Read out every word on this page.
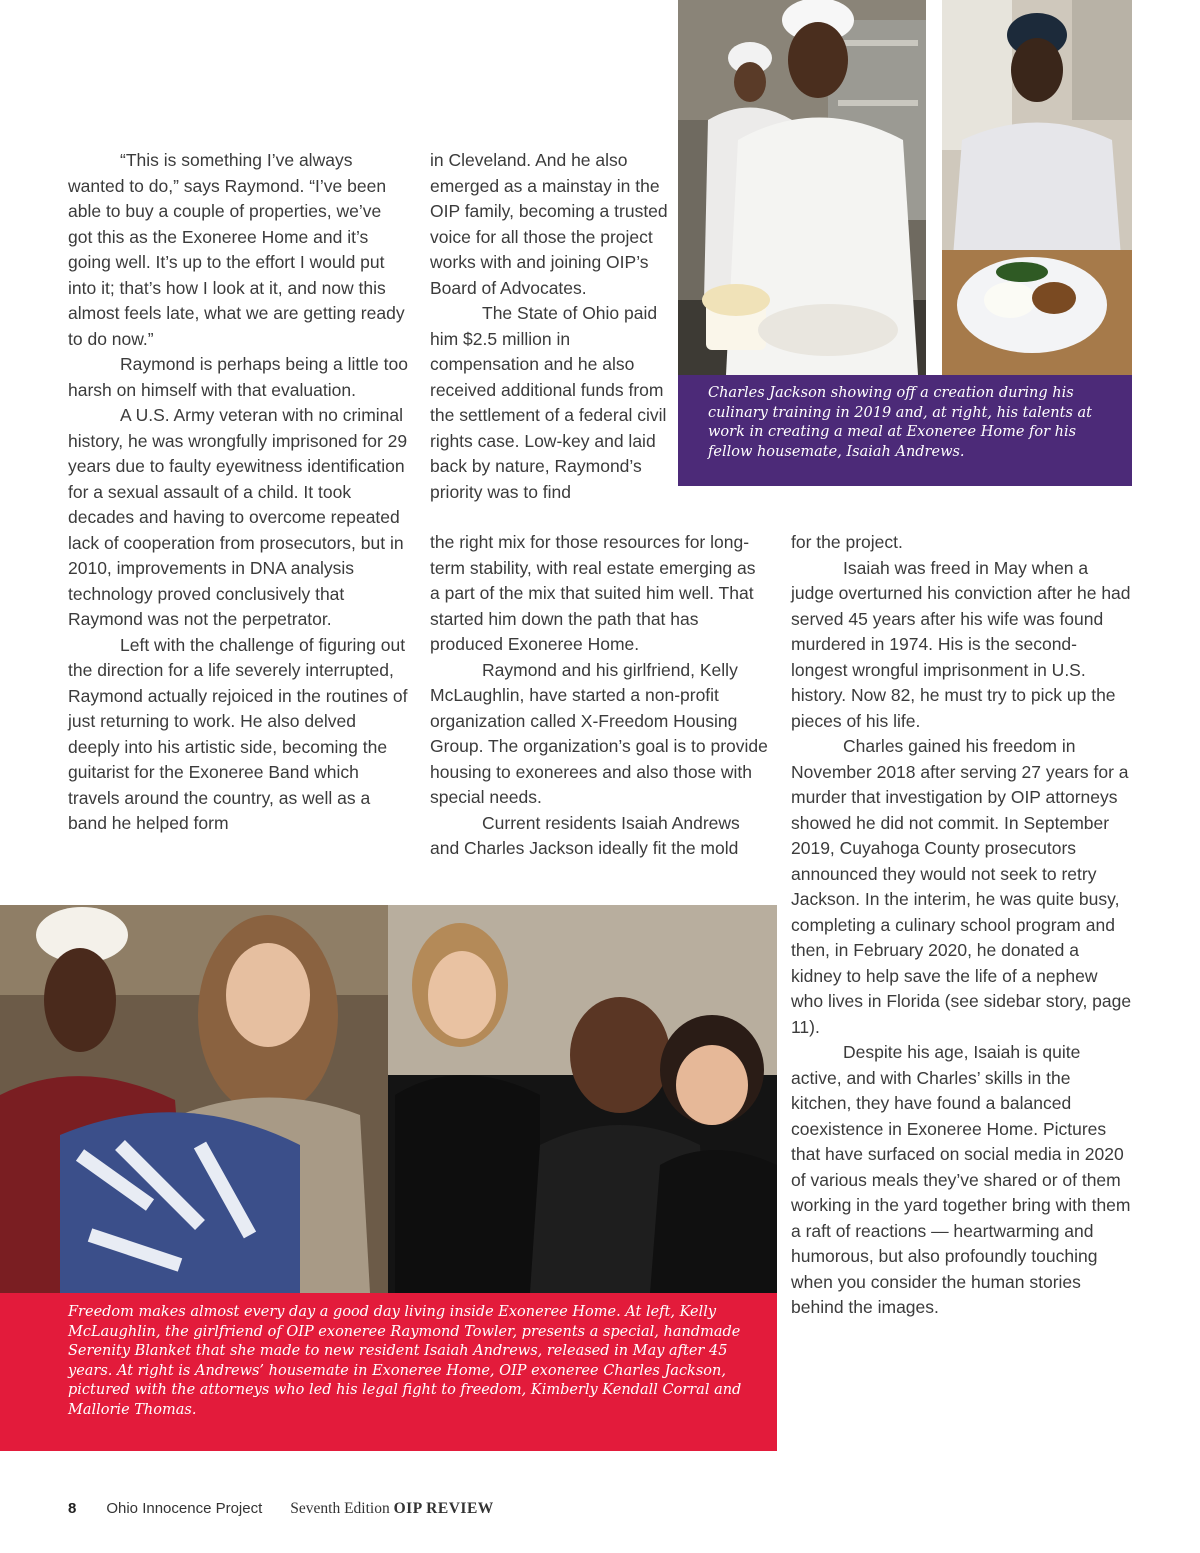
“This is something I’ve always wanted to do,” says Raymond. “I’ve been able to buy a couple of properties, we’ve got this as the Exoneree Home and it’s going well. It’s up to the effort I would put into it; that’s how I look at it, and now this almost feels late, what we are getting ready to do now.”

Raymond is perhaps being a little too harsh on himself with that evaluation.

A U.S. Army veteran with no criminal history, he was wrongfully imprisoned for 29 years due to faulty eyewitness identification for a sexual assault of a child. It took decades and having to overcome repeated lack of cooperation from prosecutors, but in 2010, improvements in DNA analysis technology proved conclusively that Raymond was not the perpetrator.

Left with the challenge of figuring out the direction for a life severely interrupted, Raymond actually rejoiced in the routines of just returning to work. He also delved deeply into his artistic side, becoming the guitarist for the Exoneree Band which travels around the country, as well as a band he helped form

in Cleveland. And he also emerged as a mainstay in the OIP family, becoming a trusted voice for all those the project works with and joining OIP’s Board of Advocates.

The State of Ohio paid him $2.5 million in compensation and he also received additional funds from the settlement of a federal civil rights case. Low-key and laid back by nature, Raymond’s priority was to find

the right mix for those resources for long-term stability, with real estate emerging as a part of the mix that suited him well. That started him down the path that has produced Exoneree Home.

Raymond and his girlfriend, Kelly McLaughlin, have started a non-profit organization called X-Freedom Housing Group. The organization’s goal is to provide housing to exonerees and also those with special needs.

Current residents Isaiah Andrews and Charles Jackson ideally fit the mold

for the project.

Isaiah was freed in May when a judge overturned his conviction after he had served 45 years after his wife was found murdered in 1974. His is the second-longest wrongful imprisonment in U.S. history. Now 82, he must try to pick up the pieces of his life.

Charles gained his freedom in November 2018 after serving 27 years for a murder that investigation by OIP attorneys showed he did not commit. In September 2019, Cuyahoga County prosecutors announced they would not seek to retry Jackson. In the interim, he was quite busy, completing a culinary school program and then, in February 2020, he donated a kidney to help save the life of a nephew who lives in Florida (see sidebar story, page 11).

Despite his age, Isaiah is quite active, and with Charles’ skills in the kitchen, they have found a balanced coexistence in Exoneree Home. Pictures that have surfaced on social media in 2020 of various meals they’ve shared or of them working in the yard together bring with them a raft of reactions — heartwarming and humorous, but also profoundly touching when you consider the human stories behind the images.

Charles Jackson showing off a creation during his culinary training in 2019 and, at right, his talents at work in creating a meal at Exoneree Home for his fellow housemate, Isaiah Andrews.
Freedom makes almost every day a good day living inside Exoneree Home. At left, Kelly McLaughlin, the girlfriend of OIP exoneree Raymond Towler, presents a special, handmade Serenity Blanket that she made to new resident Isaiah Andrews, released in May after 45 years. At right is Andrews’ housemate in Exoneree Home, OIP exoneree Charles Jackson, pictured with the attorneys who led his legal fight to freedom, Kimberly Kendall Corral and Mallorie Thomas.
8 Ohio Innocence Project Seventh Edition OIP REVIEW
